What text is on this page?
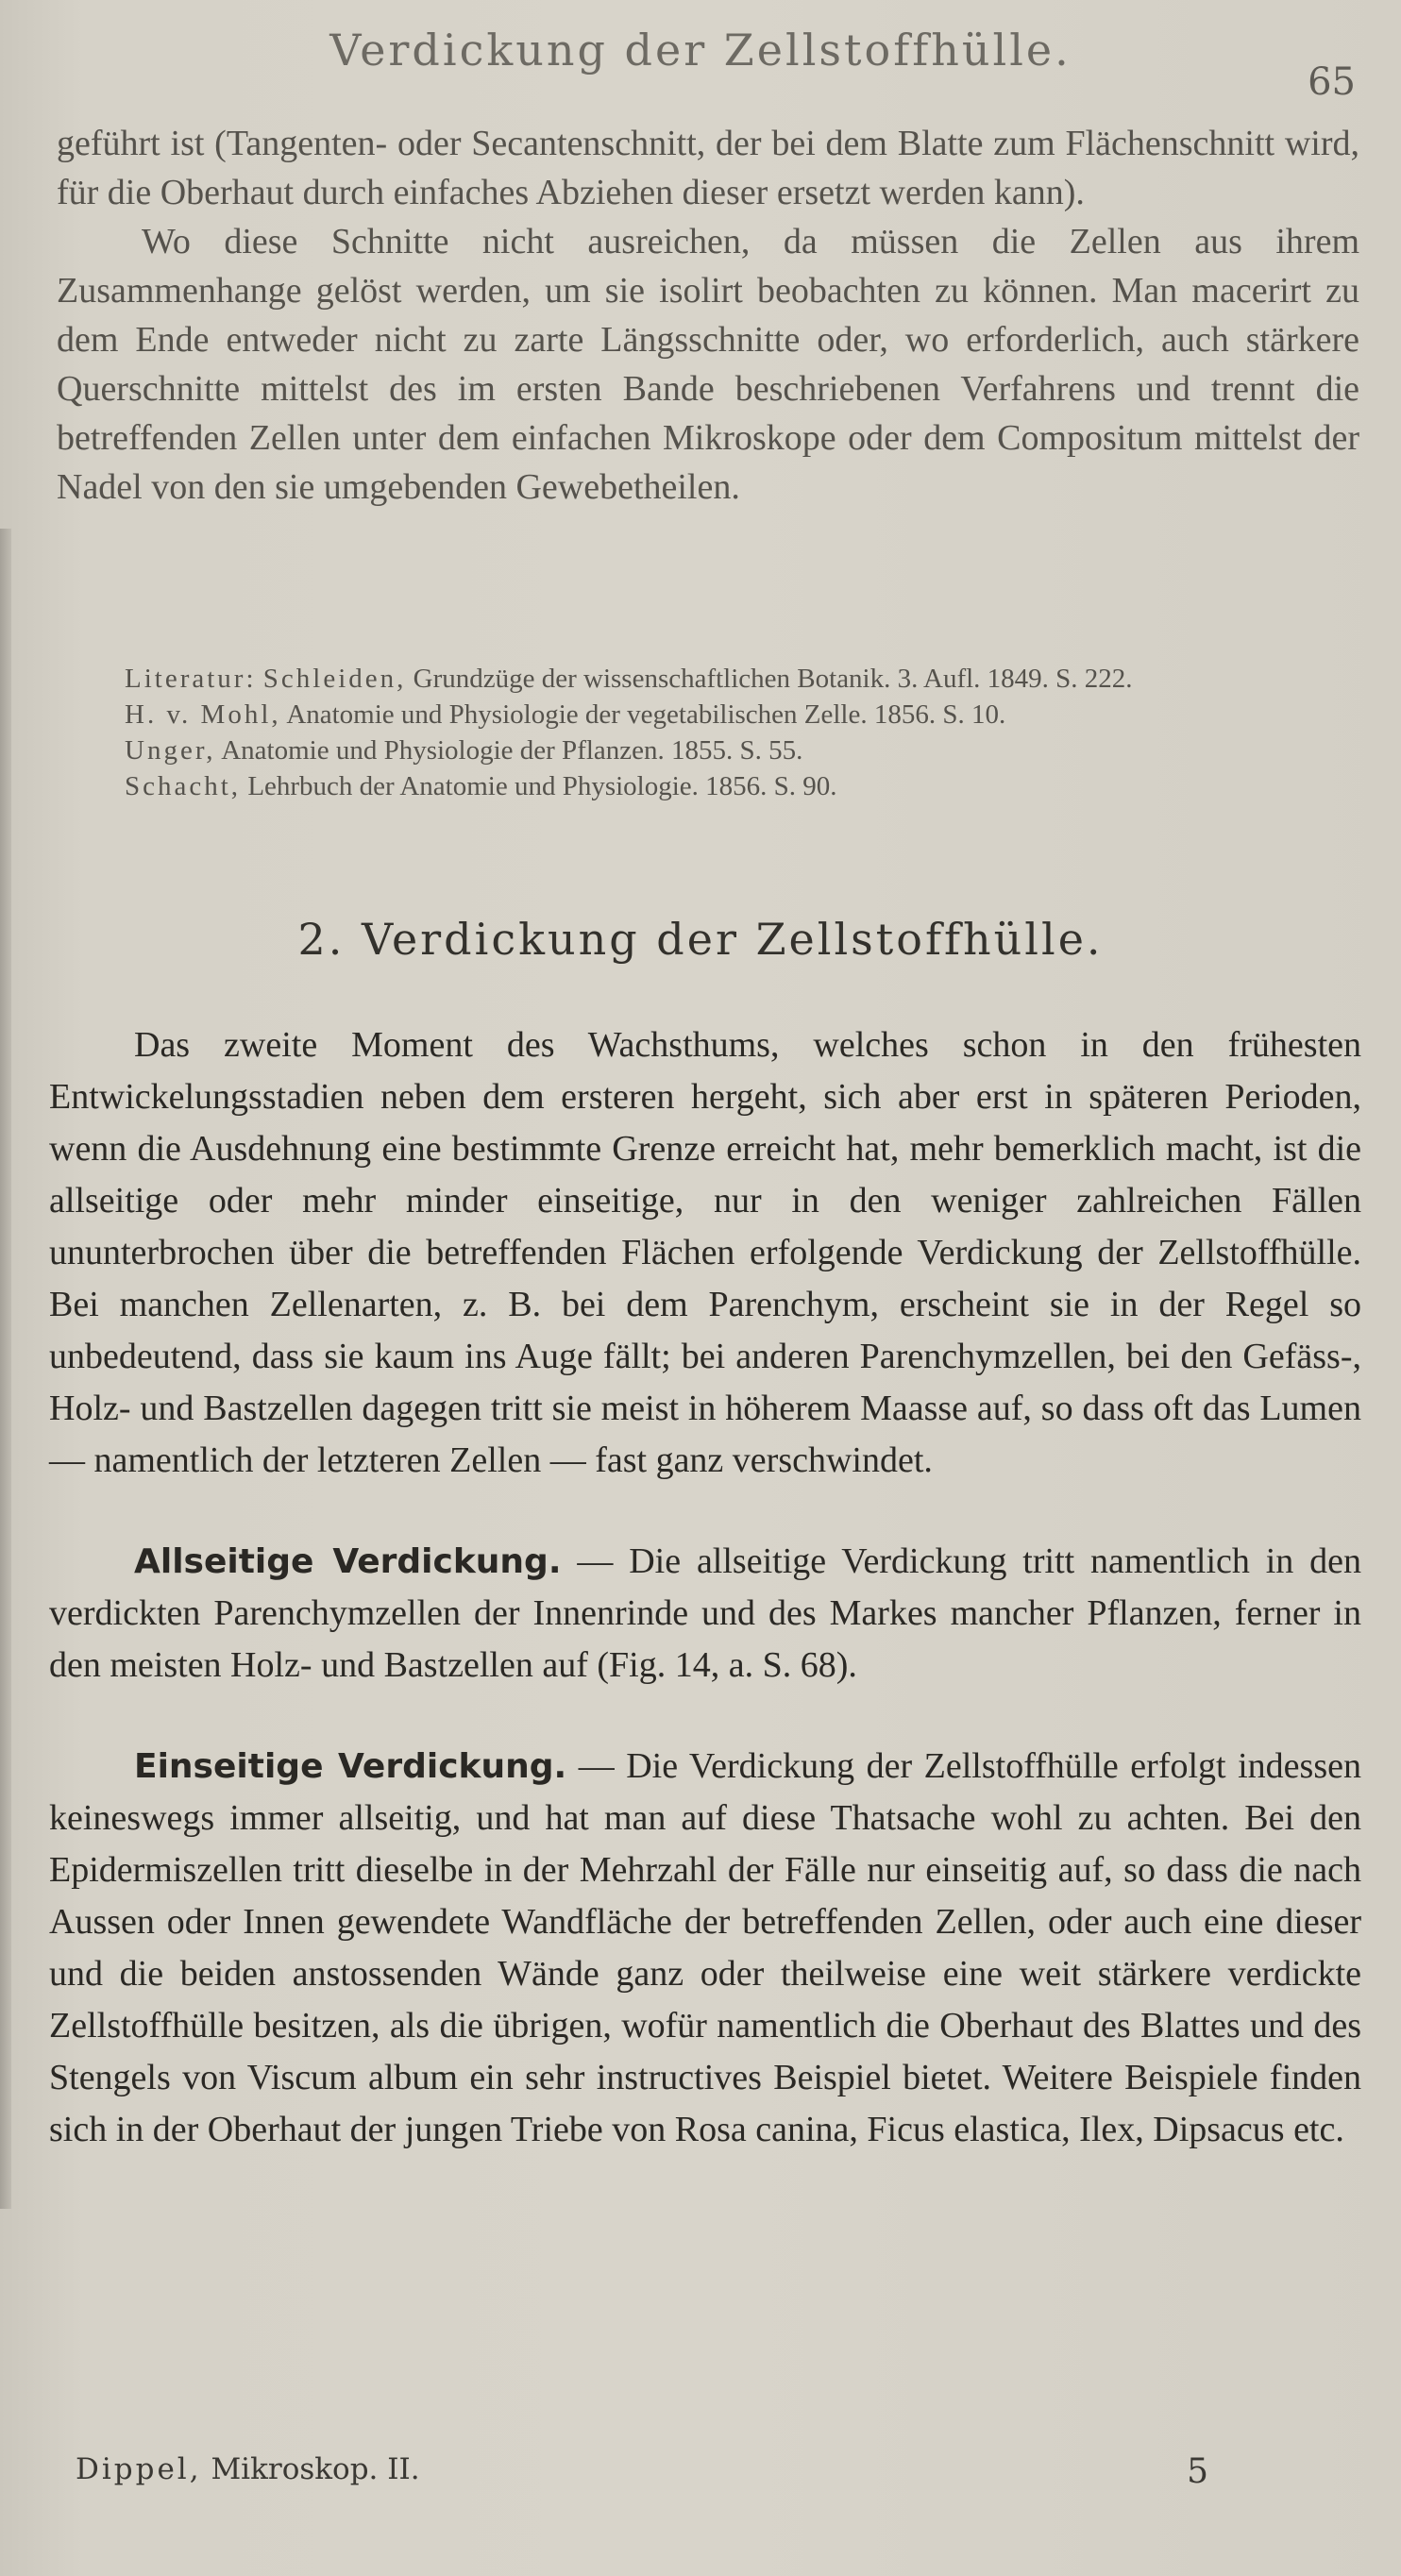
Verdickung der Zellstoffhülle.
65

geführt ist (Tangenten- oder Secantenschnitt, der bei dem Blatte zum Flächenschnitt wird, für die Oberhaut durch einfaches Abziehen dieser ersetzt werden kann).

Wo diese Schnitte nicht ausreichen, da müssen die Zellen aus ihrem Zusammenhange gelöst werden, um sie isolirt beobachten zu können. Man macerirt zu dem Ende entweder nicht zu zarte Längsschnitte oder, wo erforderlich, auch stärkere Querschnitte mittelst des im ersten Bande beschriebenen Verfahrens und trennt die betreffenden Zellen unter dem einfachen Mikroskope oder dem Compositum mittelst der Nadel von den sie umgebenden Gewebetheilen.

Literatur: Schleiden, Grundzüge der wissenschaftlichen Botanik. 3. Aufl. 1849. S. 222.

H. v. Mohl, Anatomie und Physiologie der vegetabilischen Zelle. 1856. S. 10.

Unger, Anatomie und Physiologie der Pflanzen. 1855. S. 55.

Schacht, Lehrbuch der Anatomie und Physiologie. 1856. S. 90.

2. Verdickung der Zellstoffhülle.

Das zweite Moment des Wachsthums, welches schon in den frühesten Entwickelungsstadien neben dem ersteren hergeht, sich aber erst in späteren Perioden, wenn die Ausdehnung eine bestimmte Grenze erreicht hat, mehr bemerklich macht, ist die allseitige oder mehr minder einseitige, nur in den weniger zahlreichen Fällen ununterbrochen über die betreffenden Flächen erfolgende Verdickung der Zellstoffhülle. Bei manchen Zellenarten, z. B. bei dem Parenchym, erscheint sie in der Regel so unbedeutend, dass sie kaum ins Auge fällt; bei anderen Parenchymzellen, bei den Gefäss-, Holz- und Bastzellen dagegen tritt sie meist in höherem Maasse auf, so dass oft das Lumen — namentlich der letzteren Zellen — fast ganz verschwindet.

Allseitige Verdickung. — Die allseitige Verdickung tritt namentlich in den verdickten Parenchymzellen der Innenrinde und des Markes mancher Pflanzen, ferner in den meisten Holz- und Bastzellen auf (Fig. 14, a. S. 68).

Einseitige Verdickung. — Die Verdickung der Zellstoffhülle erfolgt indessen keineswegs immer allseitig, und hat man auf diese Thatsache wohl zu achten. Bei den Epidermiszellen tritt dieselbe in der Mehrzahl der Fälle nur einseitig auf, so dass die nach Aussen oder Innen gewendete Wandfläche der betreffenden Zellen, oder auch eine dieser und die beiden anstossenden Wände ganz oder theilweise eine weit stärkere verdickte Zellstoffhülle besitzen, als die übrigen, wofür namentlich die Oberhaut des Blattes und des Stengels von Viscum album ein sehr instructives Beispiel bietet. Weitere Beispiele finden sich in der Oberhaut der jungen Triebe von Rosa canina, Ficus elastica, Ilex, Dipsacus etc.

Dippel, Mikroskop. II.	5
